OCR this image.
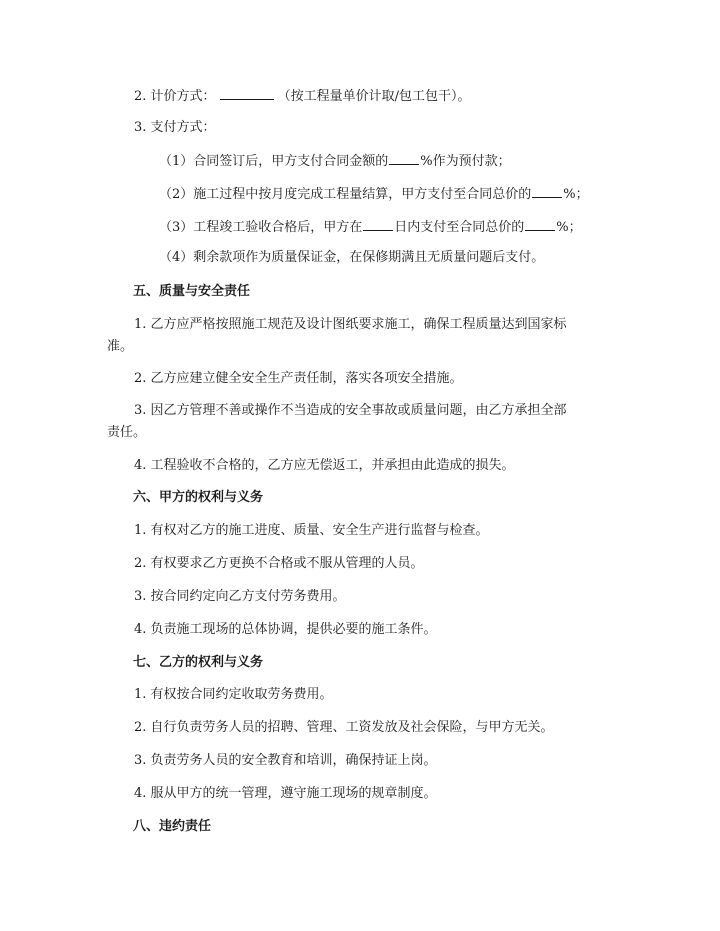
2. 计价方式：	（按工程量单价计取/包工包干）。
3. 支付方式：
（1）合同签订后，甲方支付合同金额的 %作为预付款；
（2）施工过程中按月度完成工程量结算，甲方支付至合同总价的 %；
（3）工程竣工验收合格后，甲方在 日内支付至合同总价的 %；
（4）剩余款项作为质量保证金，在保修期满且无质量问题后支付。
五、质量与安全责任
1. 乙方应严格按照施工规范及设计图纸要求施工，确保工程质量达到国家标
准。
2. 乙方应建立健全安全生产责任制，落实各项安全措施。
3. 因乙方管理不善或操作不当造成的安全事故或质量问题，由乙方承担全部
责任。
4. 工程验收不合格的，乙方应无偿返工，并承担由此造成的损失。
六、甲方的权利与义务
1. 有权对乙方的施工进度、质量、安全生产进行监督与检查。
2. 有权要求乙方更换不合格或不服从管理的人员。
3. 按合同约定向乙方支付劳务费用。
4. 负责施工现场的总体协调，提供必要的施工条件。
七、乙方的权利与义务
1. 有权按合同约定收取劳务费用。
2. 自行负责劳务人员的招聘、管理、工资发放及社会保险，与甲方无关。
3. 负责劳务人员的安全教育和培训，确保持证上岗。
4. 服从甲方的统一管理，遵守施工现场的规章制度。
八、违约责任
